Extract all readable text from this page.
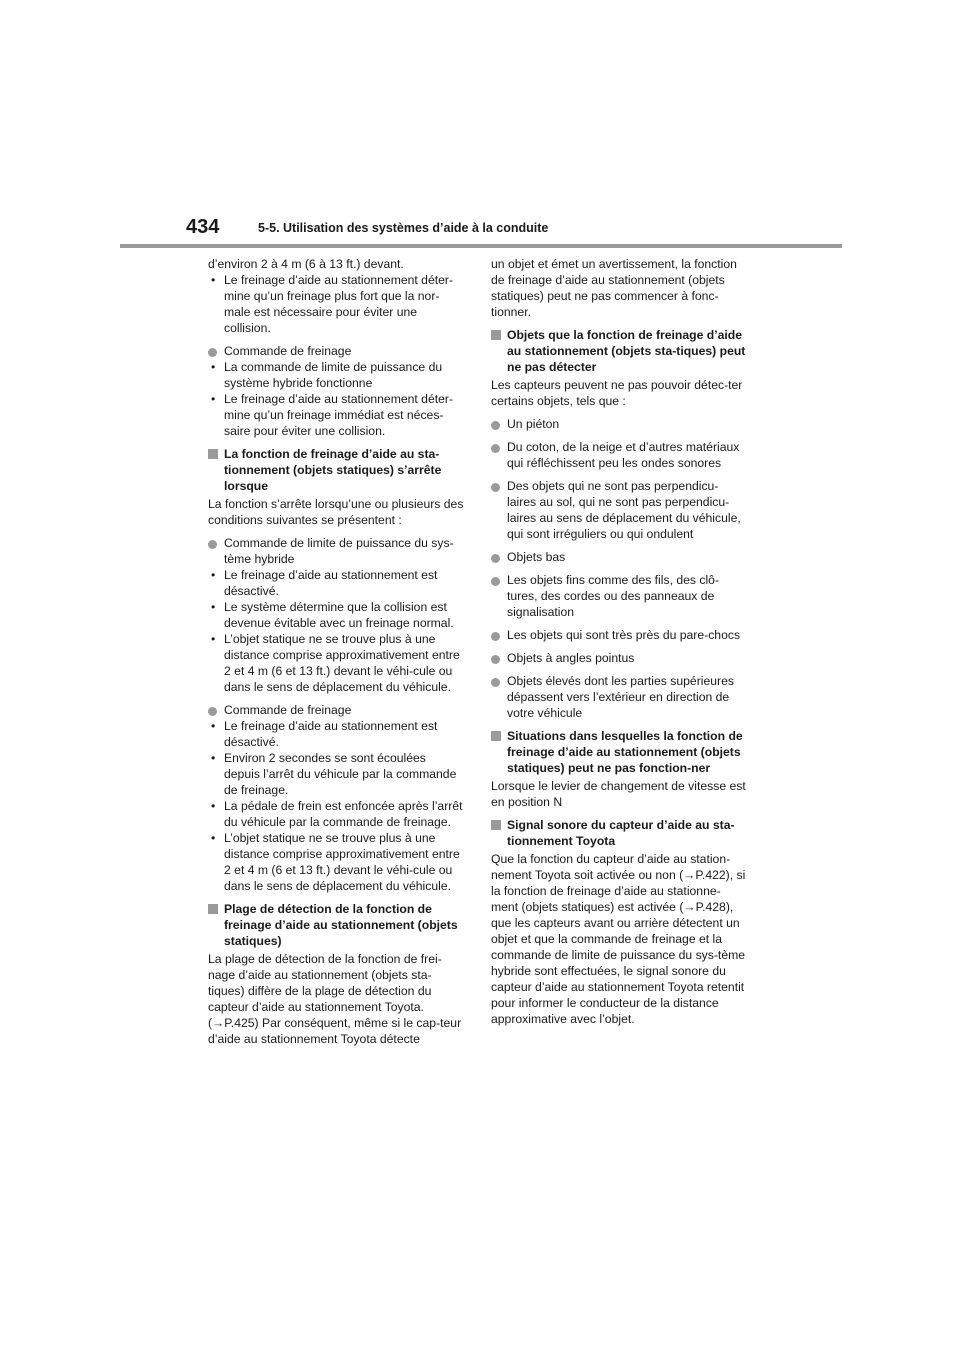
434	5-5. Utilisation des systèmes d’aide à la conduite

d’environ 2 à 4 m (6 à 13 ft.) devant.

• Le freinage d’aide au stationnement déter-mine qu’un freinage plus fort que la nor-male est nécessaire pour éviter une collision.

Commande de freinage

• La commande de limite de puissance du système hybride fonctionne

• Le freinage d’aide au stationnement déter-mine qu’un freinage immédiat est néces-saire pour éviter une collision.

La fonction de freinage d’aide au sta-tionnement (objets statiques) s’arrête lorsque

La fonction s’arrête lorsqu’une ou plusieurs des conditions suivantes se présentent :

Commande de limite de puissance du sys-tème hybride

• Le freinage d’aide au stationnement est désactivé.

• Le système détermine que la collision est devenue évitable avec un freinage normal.

• L’objet statique ne se trouve plus à une distance comprise approximativement entre 2 et 4 m (6 et 13 ft.) devant le véhi-cule ou dans le sens de déplacement du véhicule.

Commande de freinage

• Le freinage d’aide au stationnement est désactivé.

• Environ 2 secondes se sont écoulées depuis l’arrêt du véhicule par la commande de freinage.

• La pédale de frein est enfoncée après l’arrêt du véhicule par la commande de freinage.

• L’objet statique ne se trouve plus à une distance comprise approximativement entre 2 et 4 m (6 et 13 ft.) devant le véhi-cule ou dans le sens de déplacement du véhicule.

Plage de détection de la fonction de freinage d’aide au stationnement (objets statiques)

La plage de détection de la fonction de frei-nage d’aide au stationnement (objets sta-tiques) diffère de la plage de détection du capteur d’aide au stationnement Toyota. (→P.425) Par conséquent, même si le cap-teur d’aide au stationnement Toyota détecte

un objet et émet un avertissement, la fonction de freinage d’aide au stationnement (objets statiques) peut ne pas commencer à fonc-tionner.

Objets que la fonction de freinage d’aide au stationnement (objets sta-tiques) peut ne pas détecter

Les capteurs peuvent ne pas pouvoir détec-ter certains objets, tels que :

Un piéton

Du coton, de la neige et d’autres matériaux qui réfléchissent peu les ondes sonores

Des objets qui ne sont pas perpendicu-laires au sol, qui ne sont pas perpendicu-laires au sens de déplacement du véhicule, qui sont irréguliers ou qui ondulent

Objets bas

Les objets fins comme des fils, des clô-tures, des cordes ou des panneaux de signalisation

Les objets qui sont très près du pare-chocs

Objets à angles pointus

Objets élevés dont les parties supérieures dépassent vers l’extérieur en direction de votre véhicule

Situations dans lesquelles la fonction de freinage d’aide au stationnement (objets statiques) peut ne pas fonction-ner

Lorsque le levier de changement de vitesse est en position N

Signal sonore du capteur d’aide au sta-tionnement Toyota

Que la fonction du capteur d’aide au station-nement Toyota soit activée ou non (→P.422), si la fonction de freinage d’aide au stationne-ment (objets statiques) est activée (→P.428), que les capteurs avant ou arrière détectent un objet et que la commande de freinage et la commande de limite de puissance du sys-tème hybride sont effectuées, le signal sonore du capteur d’aide au stationnement Toyota retentit pour informer le conducteur de la distance approximative avec l’objet.
